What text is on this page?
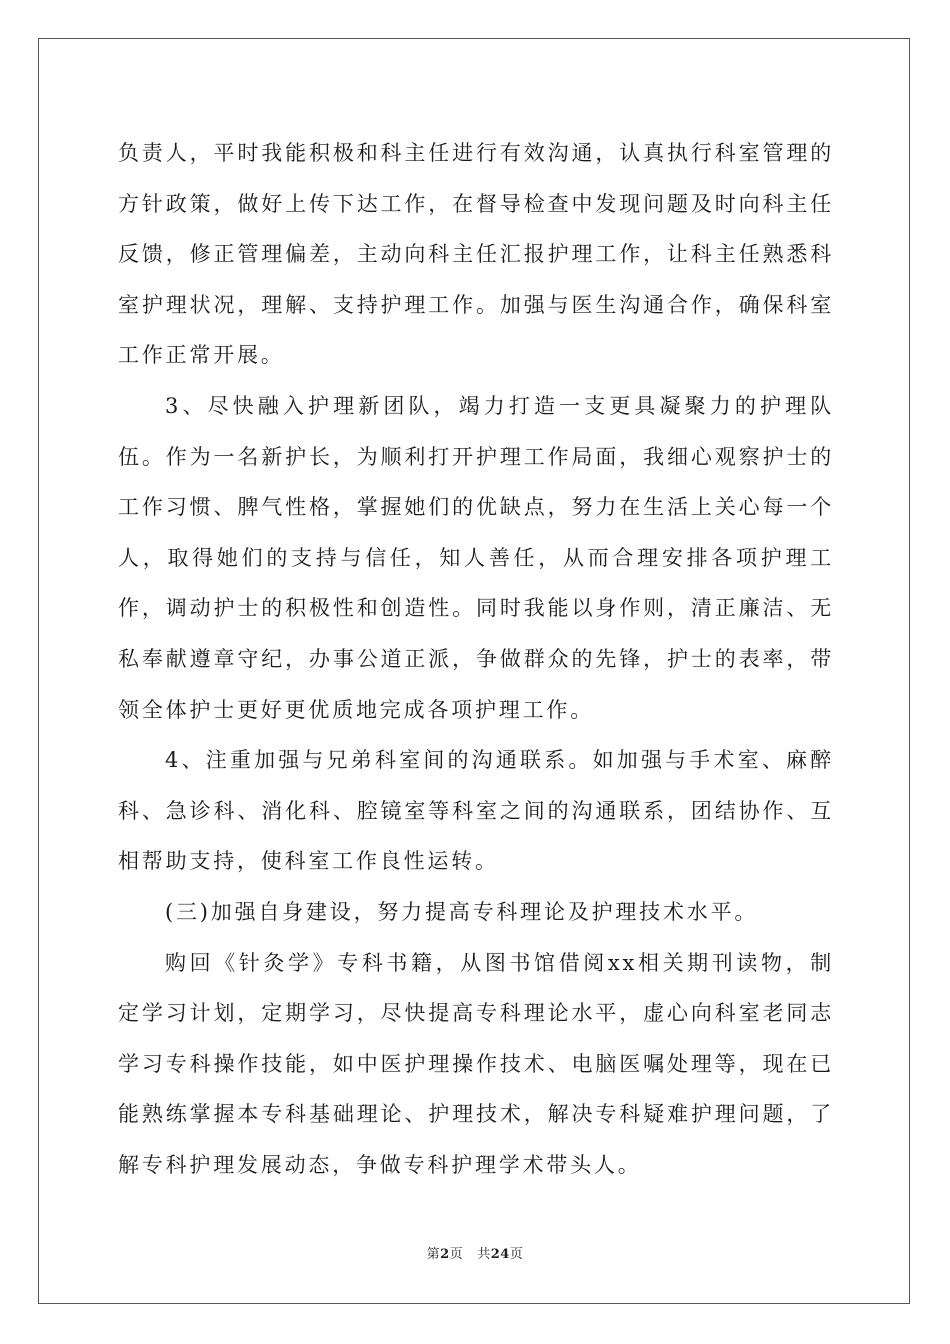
负责人，平时我能积极和科主任进行有效沟通，认真执行科室管理的方针政策，做好上传下达工作，在督导检查中发现问题及时向科主任反馈，修正管理偏差，主动向科主任汇报护理工作，让科主任熟悉科室护理状况，理解、支持护理工作。加强与医生沟通合作，确保科室工作正常开展。

3、尽快融入护理新团队，竭力打造一支更具凝聚力的护理队伍。作为一名新护长，为顺利打开护理工作局面，我细心观察护士的工作习惯、脾气性格，掌握她们的优缺点，努力在生活上关心每一个人，取得她们的支持与信任，知人善任，从而合理安排各项护理工作，调动护士的积极性和创造性。同时我能以身作则，清正廉洁、无私奉献遵章守纪，办事公道正派，争做群众的先锋，护士的表率，带领全体护士更好更优质地完成各项护理工作。

4、注重加强与兄弟科室间的沟通联系。如加强与手术室、麻醉科、急诊科、消化科、腔镜室等科室之间的沟通联系，团结协作、互相帮助支持，使科室工作良性运转。

(三)加强自身建设，努力提高专科理论及护理技术水平。

购回《针灸学》专科书籍，从图书馆借阅xx相关期刊读物，制定学习计划，定期学习，尽快提高专科理论水平，虚心向科室老同志学习专科操作技能，如中医护理操作技术、电脑医嘱处理等，现在已能熟练掌握本专科基础理论、护理技术，解决专科疑难护理问题，了解专科护理发展动态，争做专科护理学术带头人。

第2页 共24页
